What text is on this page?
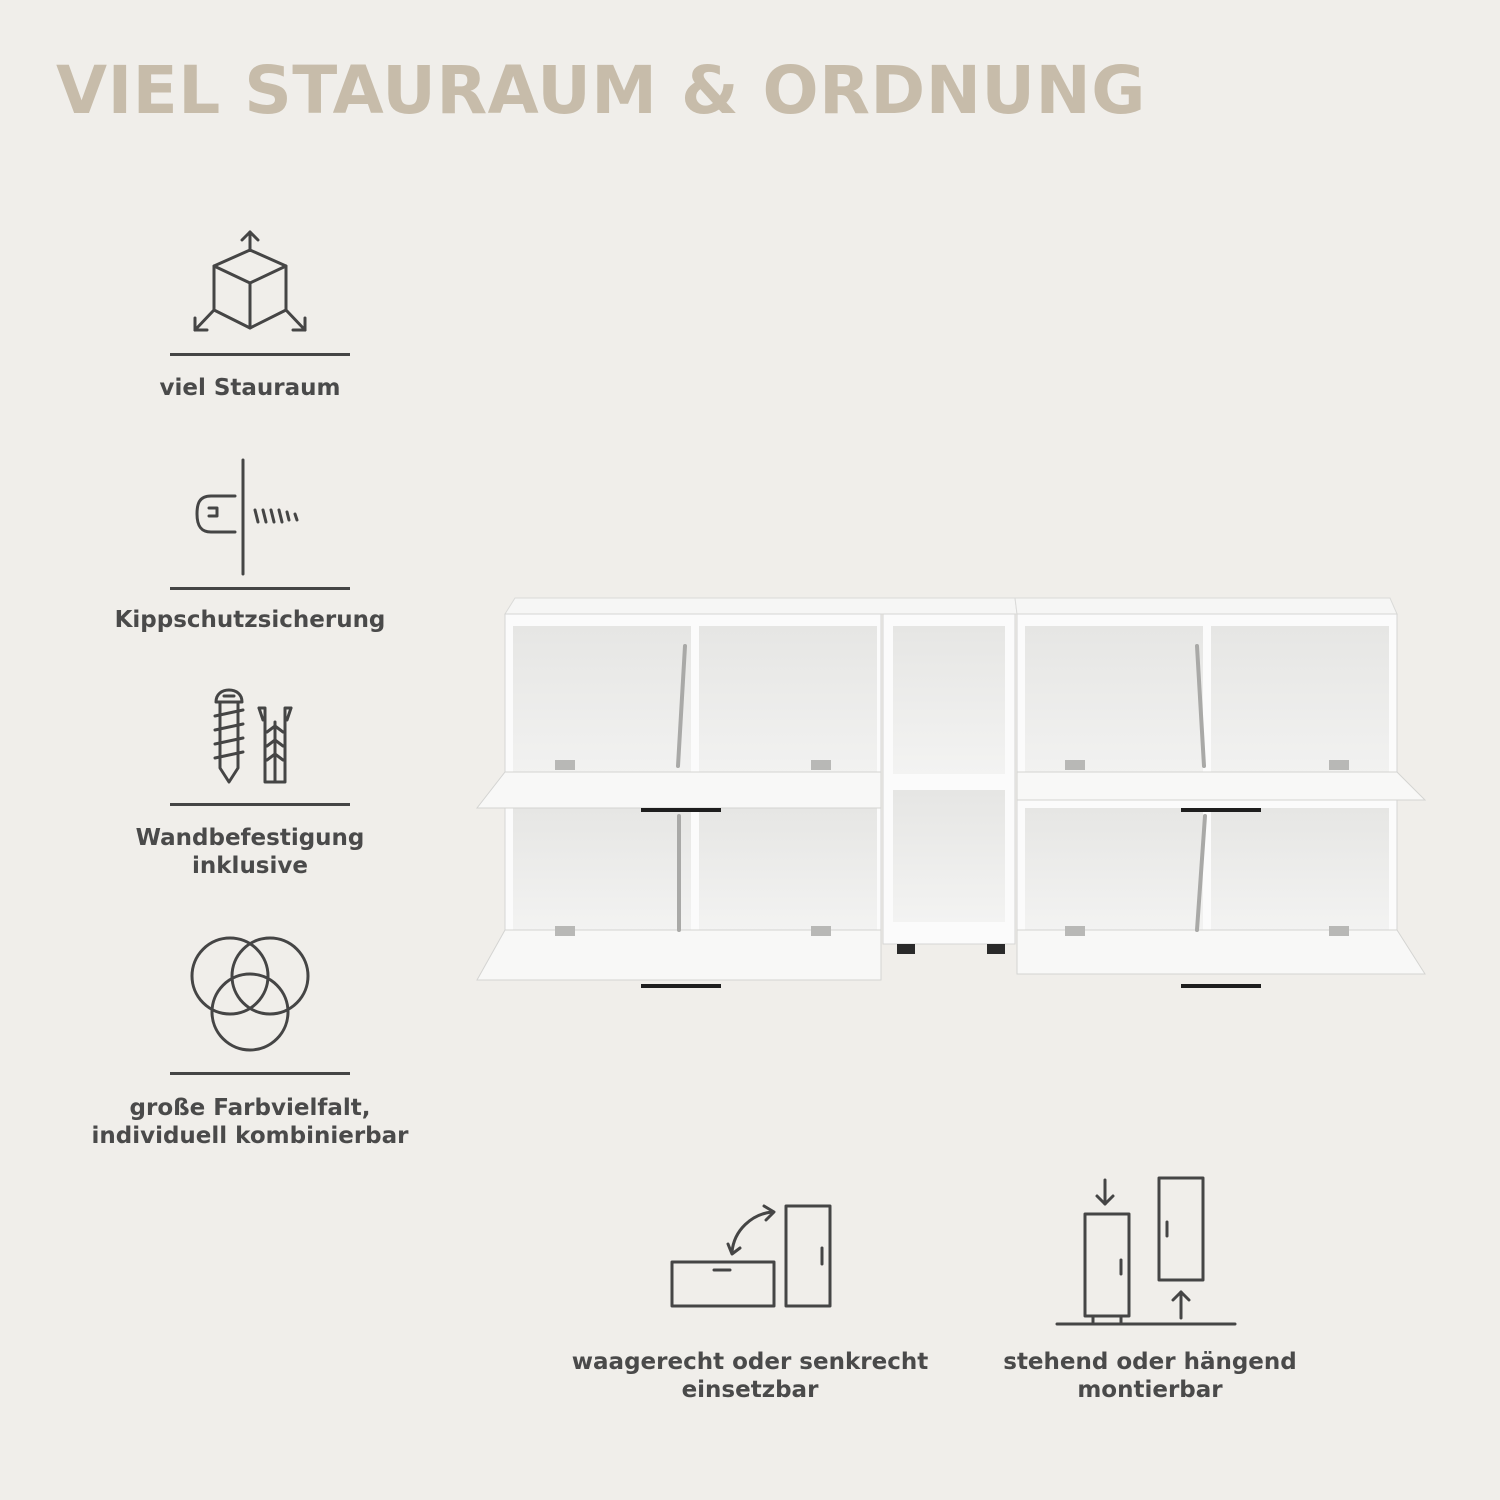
VIEL STAURAUM & ORDNUNG
viel Stauraum
Kippschutzsicherung
Wandbefestigung
inklusive
große Farbvielfalt,
individuell kombinierbar
waagerecht oder senkrecht
einsetzbar
stehend oder hängend
montierbar
